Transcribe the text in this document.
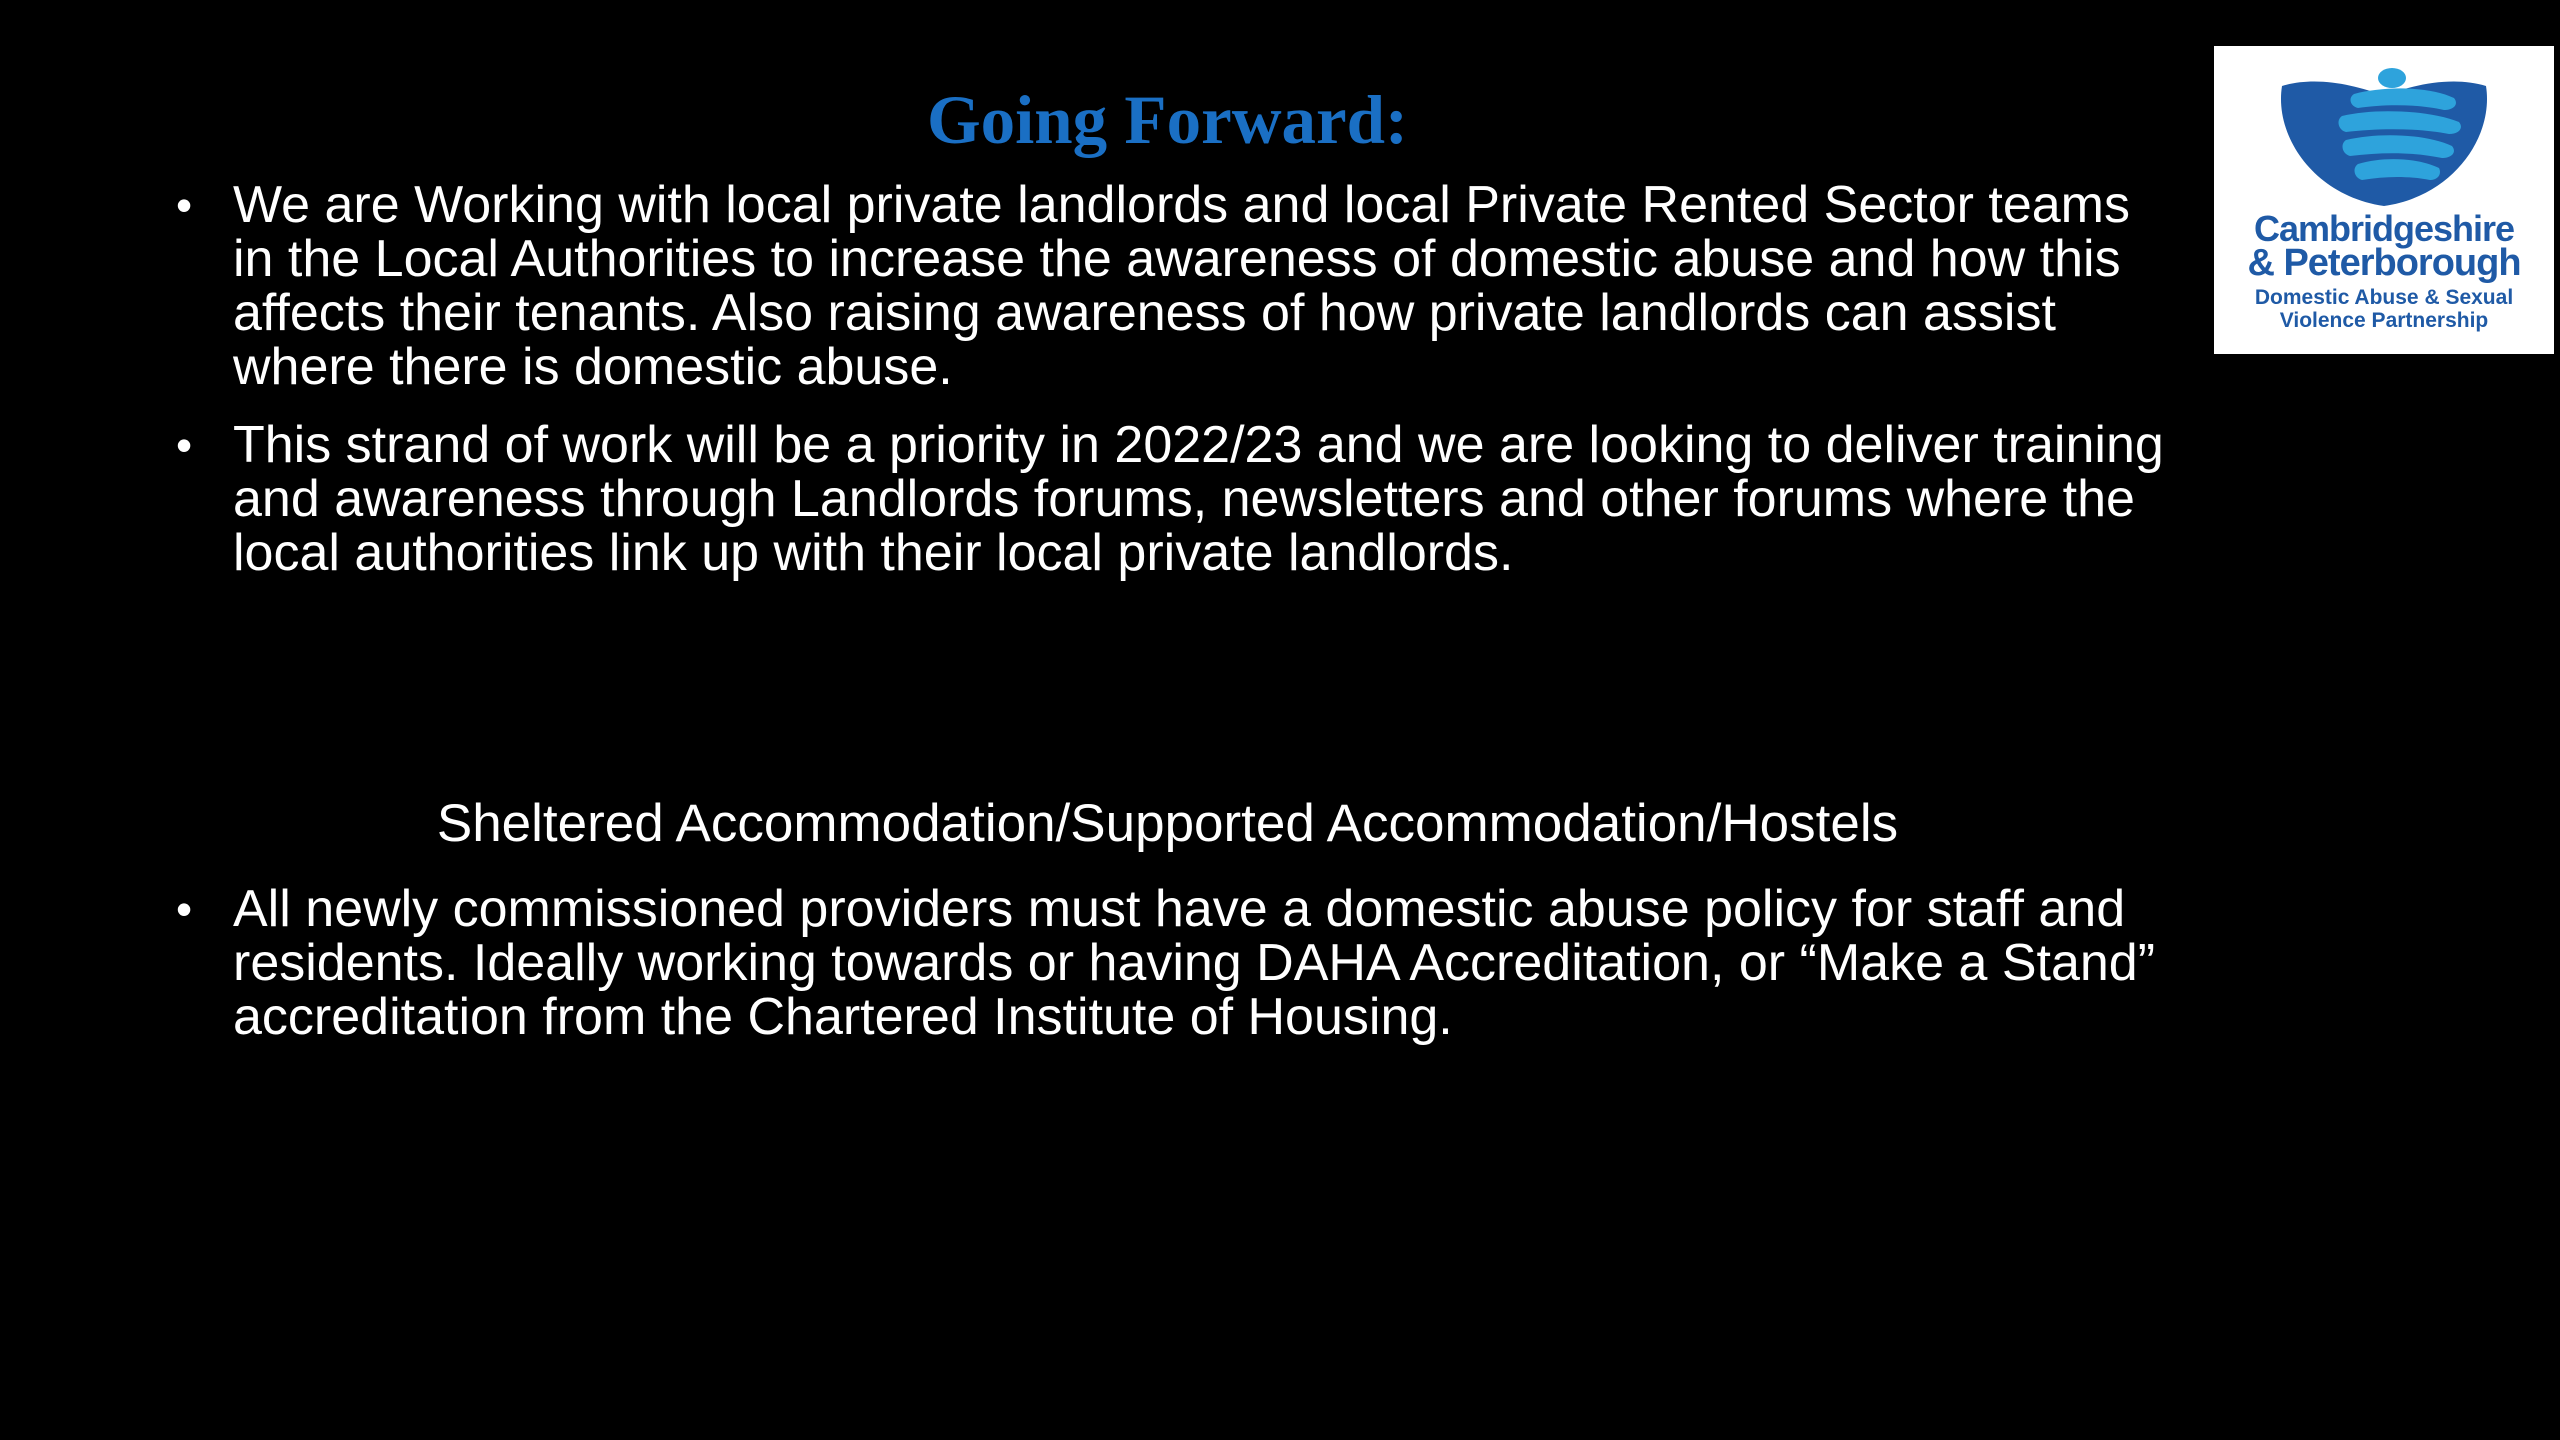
Going Forward:
• We are Working with local private landlords and local Private Rented Sector teams in the Local Authorities to increase the awareness of domestic abuse and how this affects their tenants. Also raising awareness of how private landlords can assist where there is domestic abuse.
• This strand of work will be a priority in 2022/23 and we are looking to deliver training and awareness through Landlords forums, newsletters and other forums where the local authorities link up with their local private landlords.
Sheltered Accommodation/Supported Accommodation/Hostels
• All newly commissioned providers must have a domestic abuse policy for staff and residents. Ideally working towards or having DAHA Accreditation, or “Make a Stand” accreditation from the Chartered Institute of Housing.

Cambridgeshire

& Peterborough

Domestic Abuse & Sexual

Violence Partnership
